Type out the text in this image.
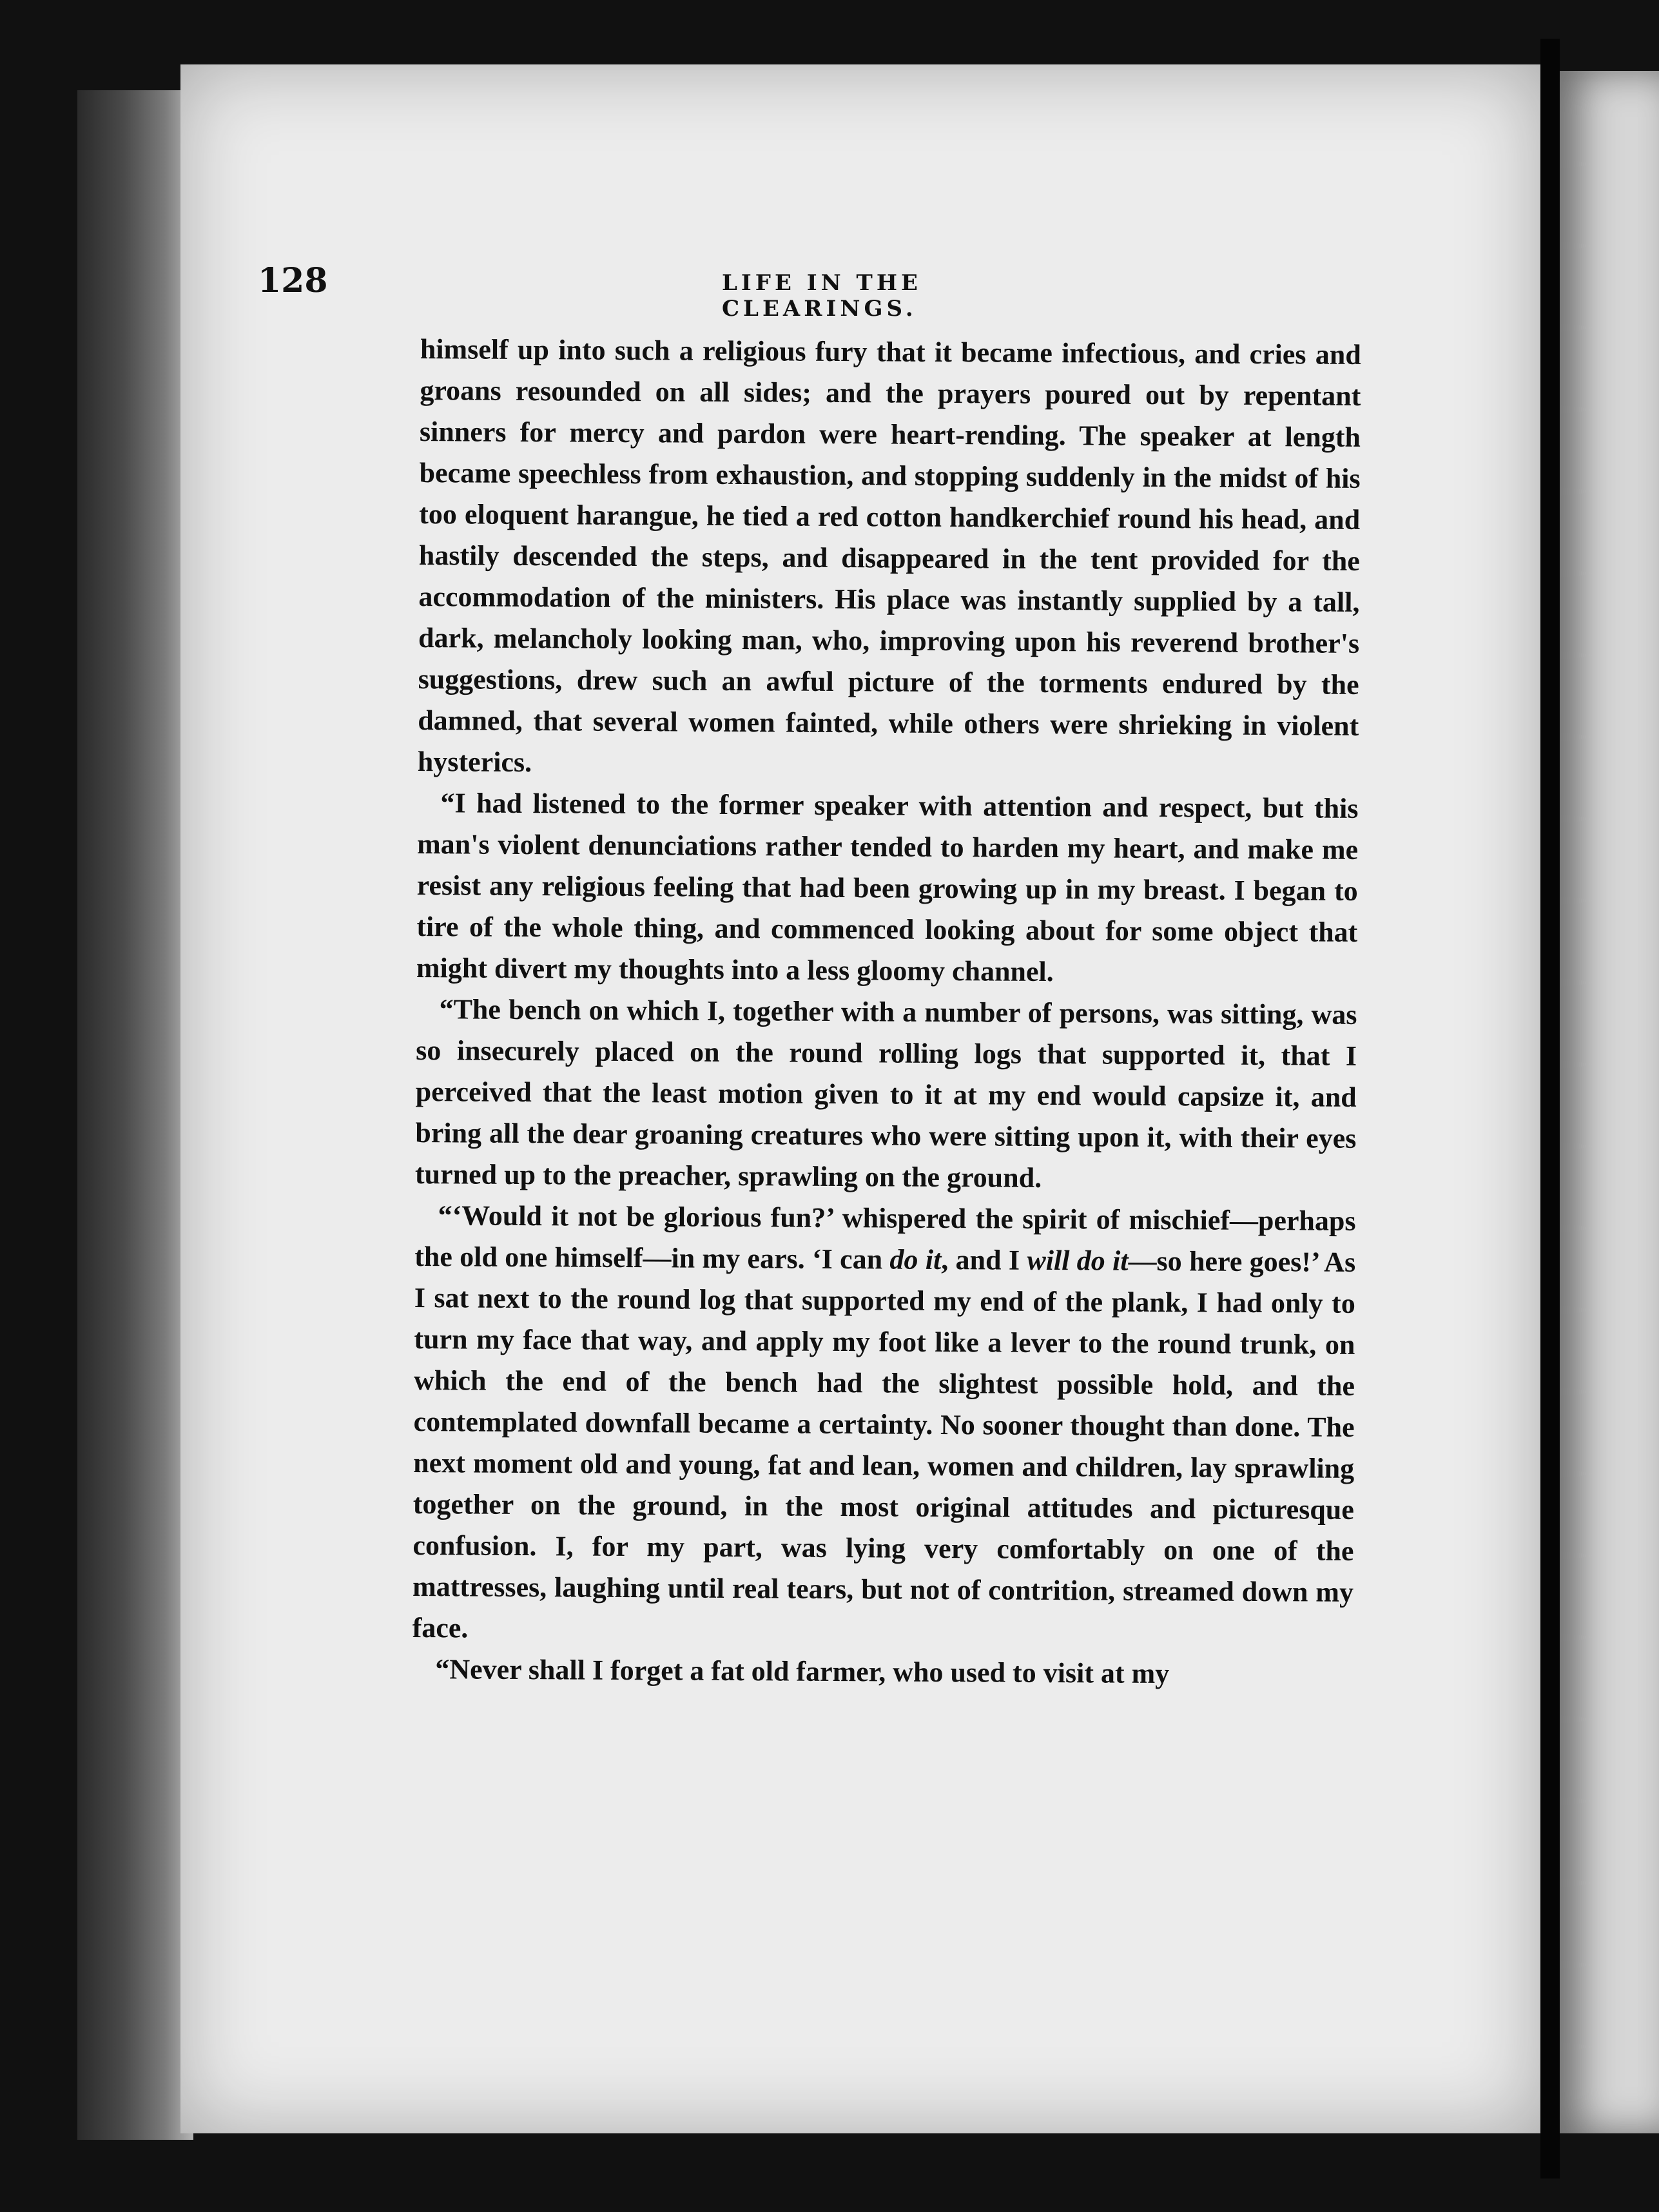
128	LIFE IN THE CLEARINGS.

himself up into such a religious fury that it became infectious, and cries and groans resounded on all sides; and the prayers poured out by repentant sinners for mercy and pardon were heart-rending. The speaker at length became speechless from exhaustion, and stopping suddenly in the midst of his too eloquent harangue, he tied a red cotton handkerchief round his head, and hastily descended the steps, and disappeared in the tent provided for the accommodation of the ministers. His place was instantly supplied by a tall, dark, melancholy looking man, who, improving upon his reverend brother's suggestions, drew such an awful picture of the torments endured by the damned, that several women fainted, while others were shrieking in violent hysterics.

“I had listened to the former speaker with attention and respect, but this man's violent denunciations rather tended to harden my heart, and make me resist any religious feeling that had been growing up in my breast. I began to tire of the whole thing, and commenced looking about for some object that might divert my thoughts into a less gloomy channel.

“The bench on which I, together with a number of persons, was sitting, was so insecurely placed on the round rolling logs that supported it, that I perceived that the least motion given to it at my end would capsize it, and bring all the dear groaning creatures who were sitting upon it, with their eyes turned up to the preacher, sprawling on the ground.

“‘Would it not be glorious fun?’ whispered the spirit of mischief—perhaps the old one himself—in my ears. ‘I can do it, and I will do it—so here goes!’ As I sat next to the round log that supported my end of the plank, I had only to turn my face that way, and apply my foot like a lever to the round trunk, on which the end of the bench had the slightest possible hold, and the contemplated downfall became a certainty. No sooner thought than done. The next moment old and young, fat and lean, women and children, lay sprawling together on the ground, in the most original attitudes and picturesque confusion. I, for my part, was lying very comfortably on one of the mattresses, laughing until real tears, but not of contrition, streamed down my face.

“Never shall I forget a fat old farmer, who used to visit at my
